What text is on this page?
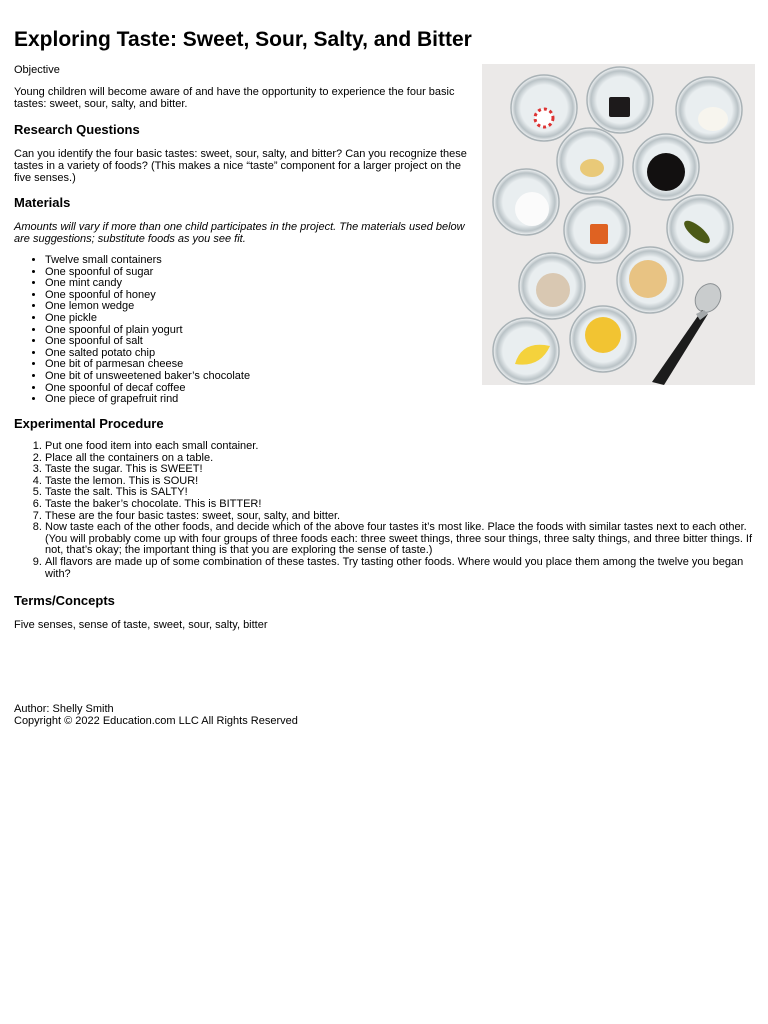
Exploring Taste: Sweet, Sour, Salty, and Bitter

Objective

Young children will become aware of and have the opportunity to experience the four basic tastes: sweet, sour, salty, and bitter.

Research Questions

Can you identify the four basic tastes: sweet, sour, salty, and bitter? Can you recognize these tastes in a variety of foods? (This makes a nice “taste” component for a larger project on the five senses.)

Materials

Amounts will vary if more than one child participates in the project. The materials used below are suggestions; substitute foods as you see fit.

• Twelve small containers
• One spoonful of sugar
• One mint candy
• One spoonful of honey
• One lemon wedge
• One pickle
• One spoonful of plain yogurt
• One spoonful of salt
• One salted potato chip
• One bit of parmesan cheese
• One bit of unsweetened baker’s chocolate
• One spoonful of decaf coffee
• One piece of grapefruit rind
Experimental Procedure
1. Put one food item into each small container.
2. Place all the containers on a table.
3. Taste the sugar. This is SWEET!
4. Taste the lemon. This is SOUR!
5. Taste the salt. This is SALTY!
6. Taste the baker’s chocolate. This is BITTER!
7. These are the four basic tastes: sweet, sour, salty, and bitter.
8. Now taste each of the other foods, and decide which of the above four tastes it’s most like. Place the foods with similar tastes next to each other. (You will probably come up with four groups of three foods each: three sweet things, three sour things, three salty things, and three bitter things. If not, that’s okay; the important thing is that you are exploring the sense of taste.)
9. All flavors are made up of some combination of these tastes. Try tasting other foods. Where would you place them among the twelve you began with?
Terms/Concepts

Five senses, sense of taste, sweet, sour, salty, bitter

Author: Shelly Smith

Copyright © 2022 Education.com LLC All Rights Reserved
